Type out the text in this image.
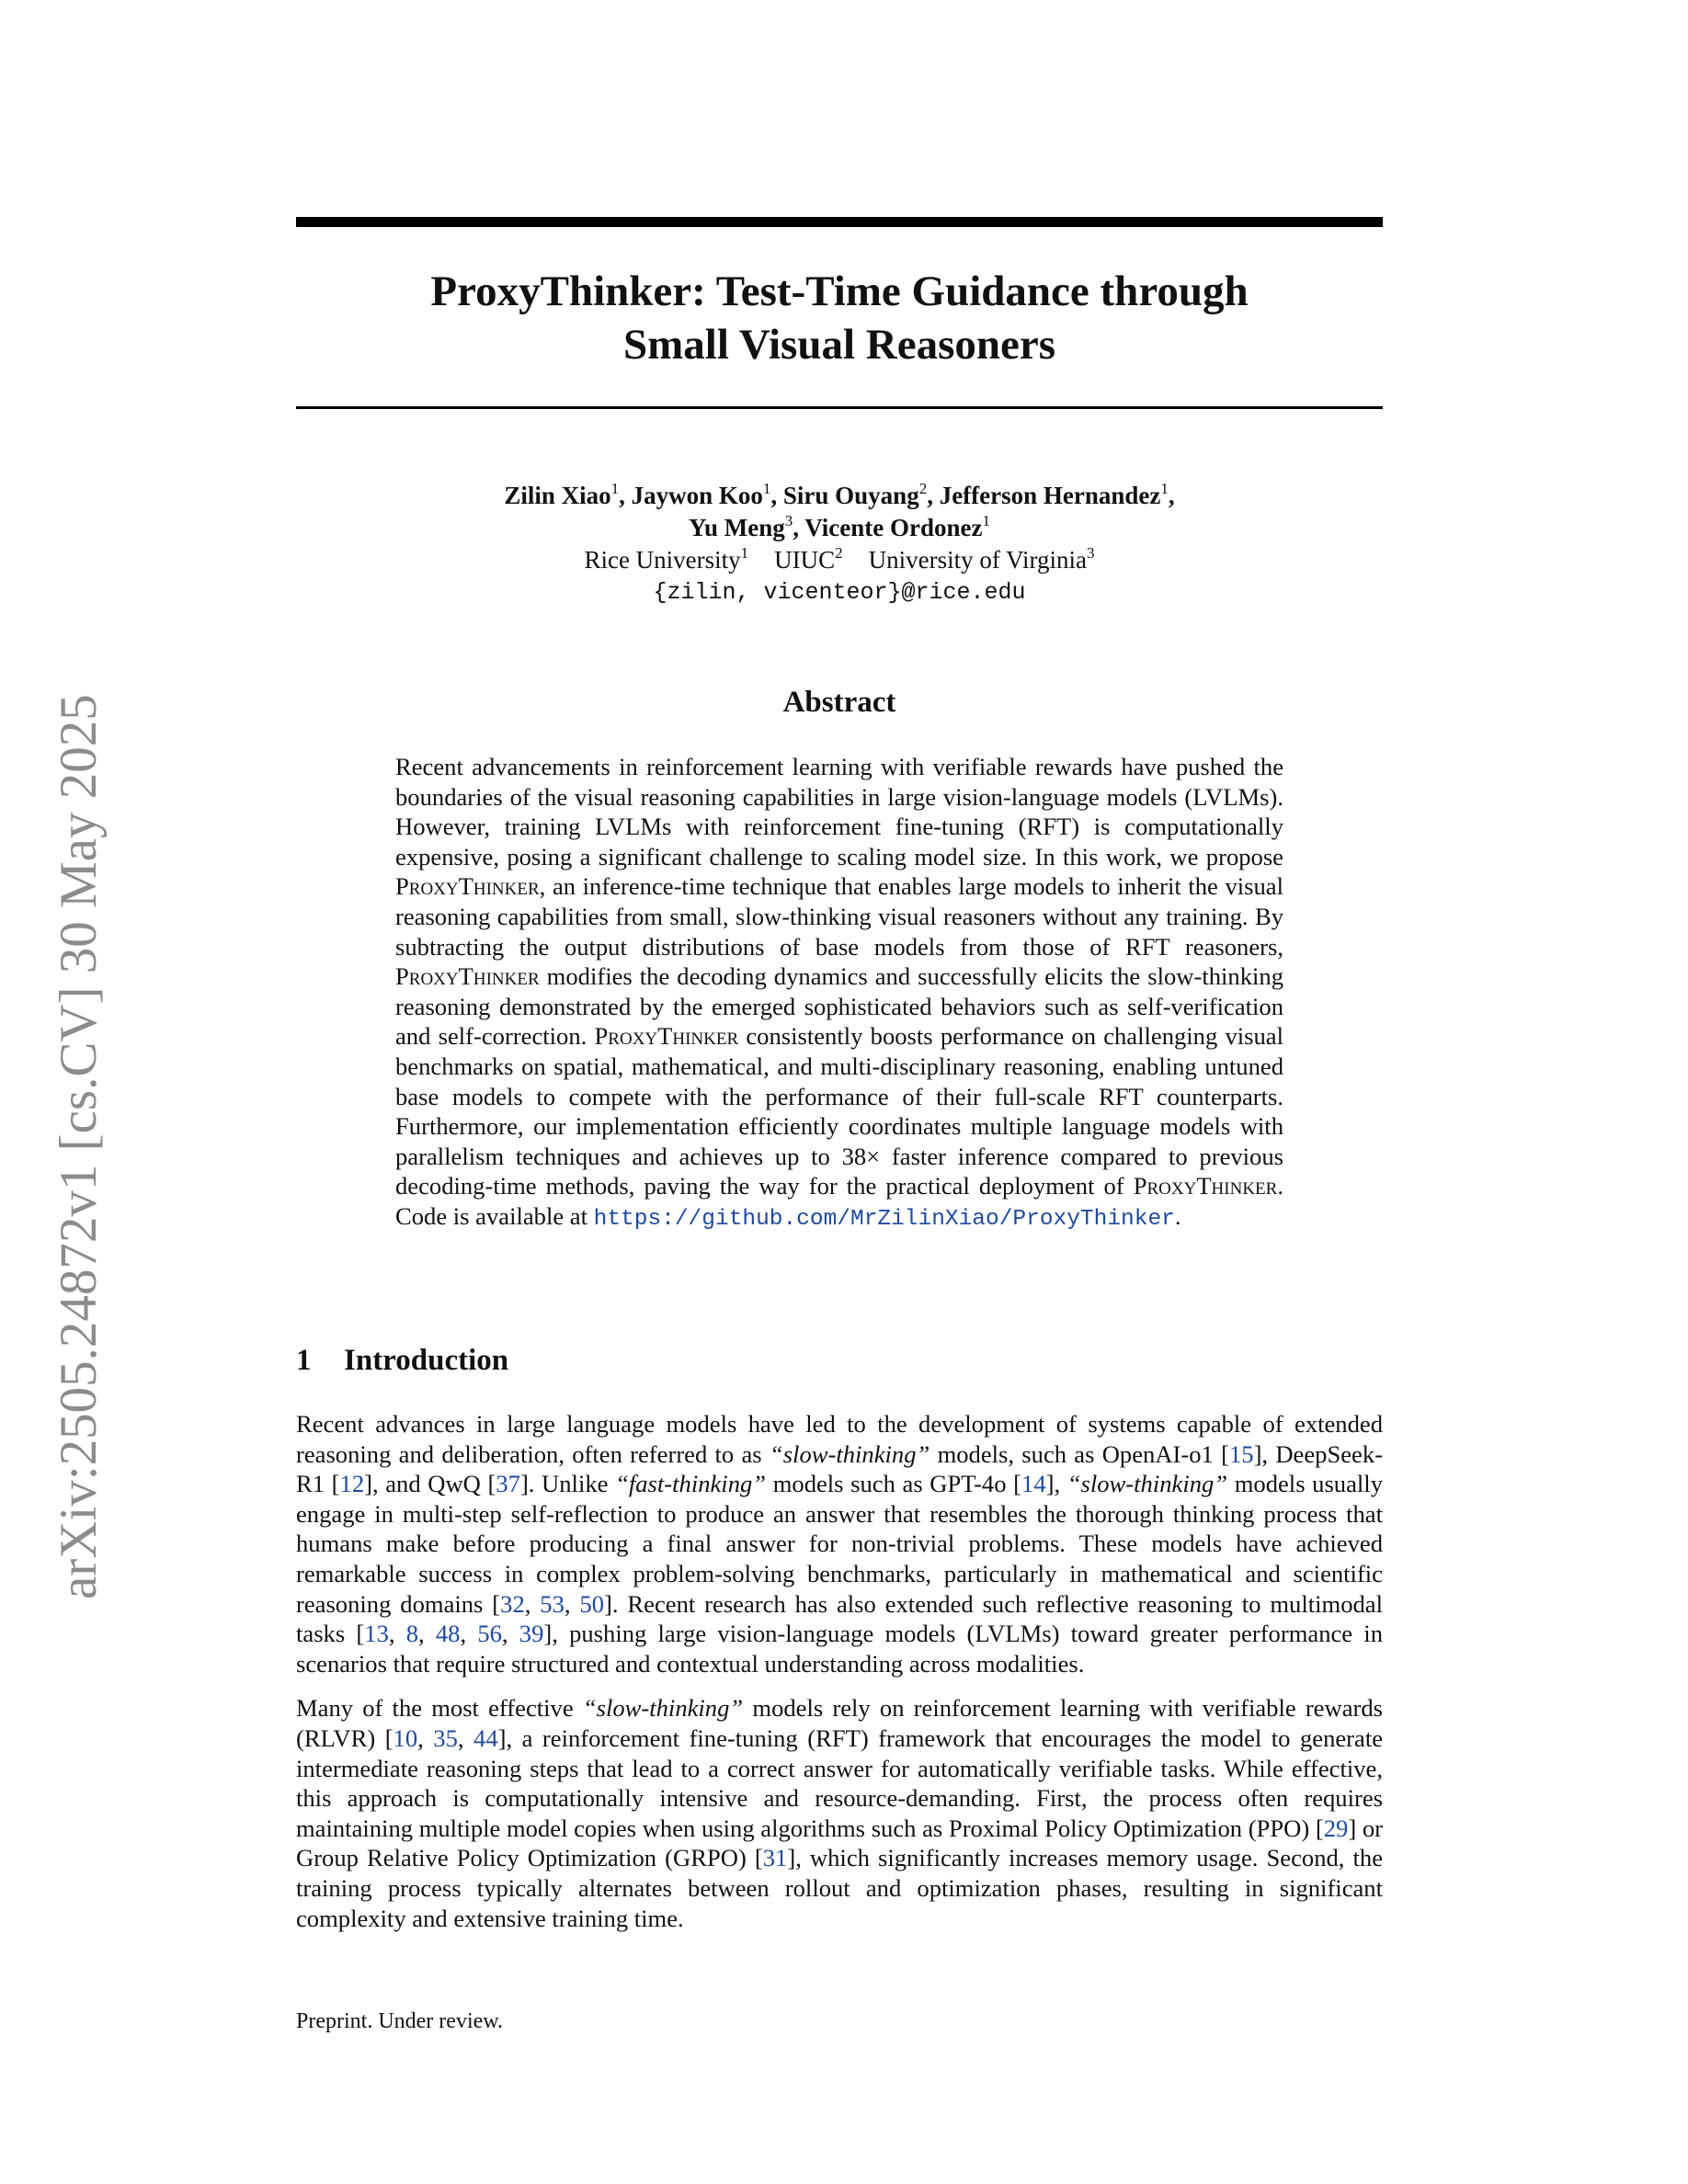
arXiv:2505.24872v1 [cs.CV] 30 May 2025
ProxyThinker: Test-Time Guidance through
Small Visual Reasoners
Zilin Xiao$^1$, Jaywon Koo$^1$, Siru Ouyang$^2$, Jefferson Hernandez$^1$,
Yu Meng$^3$, Vicente Ordonez$^1$
Rice University$^1$ UIUC$^2$ University of Virginia$^3$
{zilin, vicenteor}@rice.edu
Abstract

Recent advancements in reinforcement learning with verifiable rewards have pushed the boundaries of the visual reasoning capabilities in large vision-language models (LVLMs). However, training LVLMs with reinforcement fine-tuning (RFT) is computationally expensive, posing a significant challenge to scaling model size. In this work, we propose ProxyThinker, an inference-time technique that enables large models to inherit the visual reasoning capabilities from small, slow-thinking visual reasoners without any training. By subtracting the output distributions of base models from those of RFT reasoners, ProxyThinker modifies the decoding dynamics and successfully elicits the slow-thinking reasoning demonstrated by the emerged sophisticated behaviors such as self-verification and self-correction. ProxyThinker consistently boosts performance on challenging visual benchmarks on spatial, mathematical, and multi-disciplinary reasoning, enabling untuned base models to compete with the performance of their full-scale RFT counterparts. Furthermore, our implementation efficiently coordinates multiple language models with parallelism techniques and achieves up to 38× faster inference compared to previous decoding-time methods, paving the way for the practical deployment of ProxyThinker. Code is available at https://github.com/MrZilinXiao/ProxyThinker.

1 Introduction

Recent advances in large language models have led to the development of systems capable of extended reasoning and deliberation, often referred to as “slow-thinking” models, such as OpenAI-o1 [15], DeepSeek-R1 [12], and QwQ [37]. Unlike “fast-thinking” models such as GPT-4o [14], “slow-thinking” models usually engage in multi-step self-reflection to produce an answer that resembles the thorough thinking process that humans make before producing a final answer for non-trivial problems. These models have achieved remarkable success in complex problem-solving benchmarks, particularly in mathematical and scientific reasoning domains [32, 53, 50]. Recent research has also extended such reflective reasoning to multimodal tasks [13, 8, 48, 56, 39], pushing large vision-language models (LVLMs) toward greater performance in scenarios that require structured and contextual understanding across modalities.

Many of the most effective “slow-thinking” models rely on reinforcement learning with verifiable rewards (RLVR) [10, 35, 44], a reinforcement fine-tuning (RFT) framework that encourages the model to generate intermediate reasoning steps that lead to a correct answer for automatically verifiable tasks. While effective, this approach is computationally intensive and resource-demanding. First, the process often requires maintaining multiple model copies when using algorithms such as Proximal Policy Optimization (PPO) [29] or Group Relative Policy Optimization (GRPO) [31], which significantly increases memory usage. Second, the training process typically alternates between rollout and optimization phases, resulting in significant complexity and extensive training time.

Preprint. Under review.
